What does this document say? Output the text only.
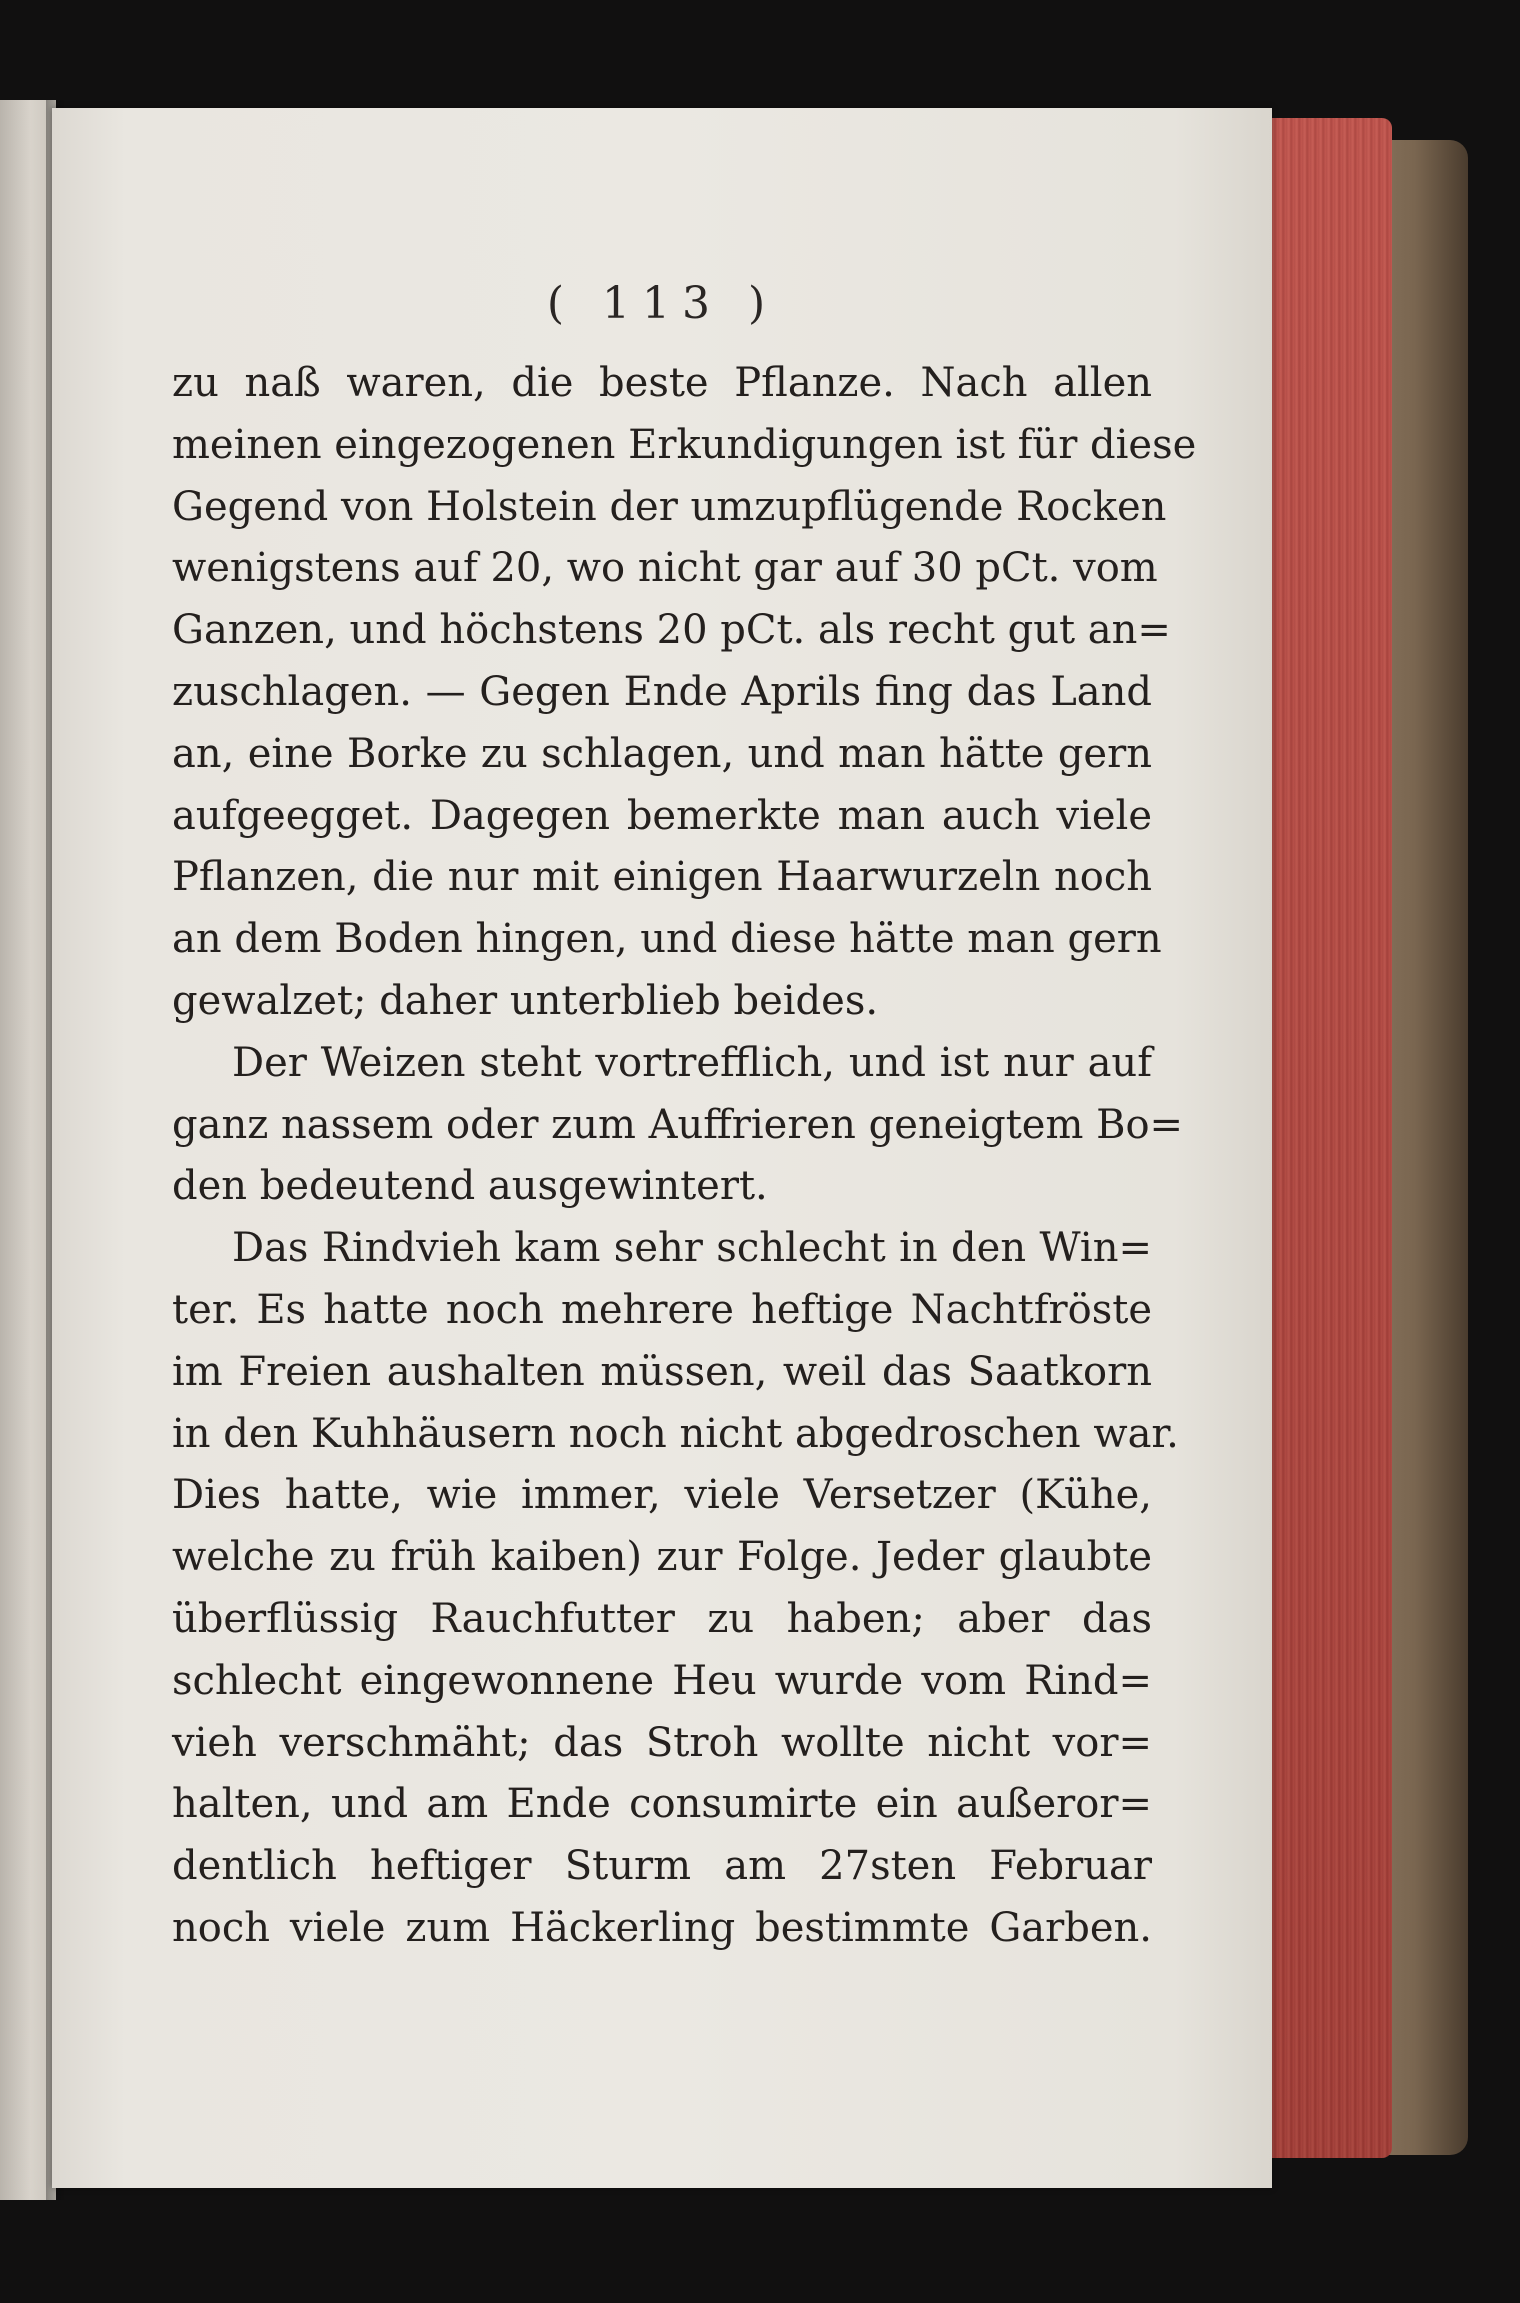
( 113 )
zu naß waren, die beste Pflanze. Nach allen
meinen eingezogenen Erkundigungen ist für diese
Gegend von Holstein der umzupflügende Rocken
wenigstens auf 20, wo nicht gar auf 30 pCt. vom
Ganzen, und höchstens 20 pCt. als recht gut an=
zuschlagen. — Gegen Ende Aprils fing das Land
an, eine Borke zu schlagen, und man hätte gern
aufgeegget. Dagegen bemerkte man auch viele
Pflanzen, die nur mit einigen Haarwurzeln noch
an dem Boden hingen, und diese hätte man gern
gewalzet; daher unterblieb beides.
Der Weizen steht vortrefflich, und ist nur auf
ganz nassem oder zum Auffrieren geneigtem Bo=
den bedeutend ausgewintert.
Das Rindvieh kam sehr schlecht in den Win=
ter. Es hatte noch mehrere heftige Nachtfröste
im Freien aushalten müssen, weil das Saatkorn
in den Kuhhäusern noch nicht abgedroschen war.
Dies hatte, wie immer, viele Versetzer (Kühe,
welche zu früh kaiben) zur Folge. Jeder glaubte
überflüssig Rauchfutter zu haben; aber das
schlecht eingewonnene Heu wurde vom Rind=
vieh verschmäht; das Stroh wollte nicht vor=
halten, und am Ende consumirte ein außeror=
dentlich heftiger Sturm am 27sten Februar
noch viele zum Häckerling bestimmte Garben.
